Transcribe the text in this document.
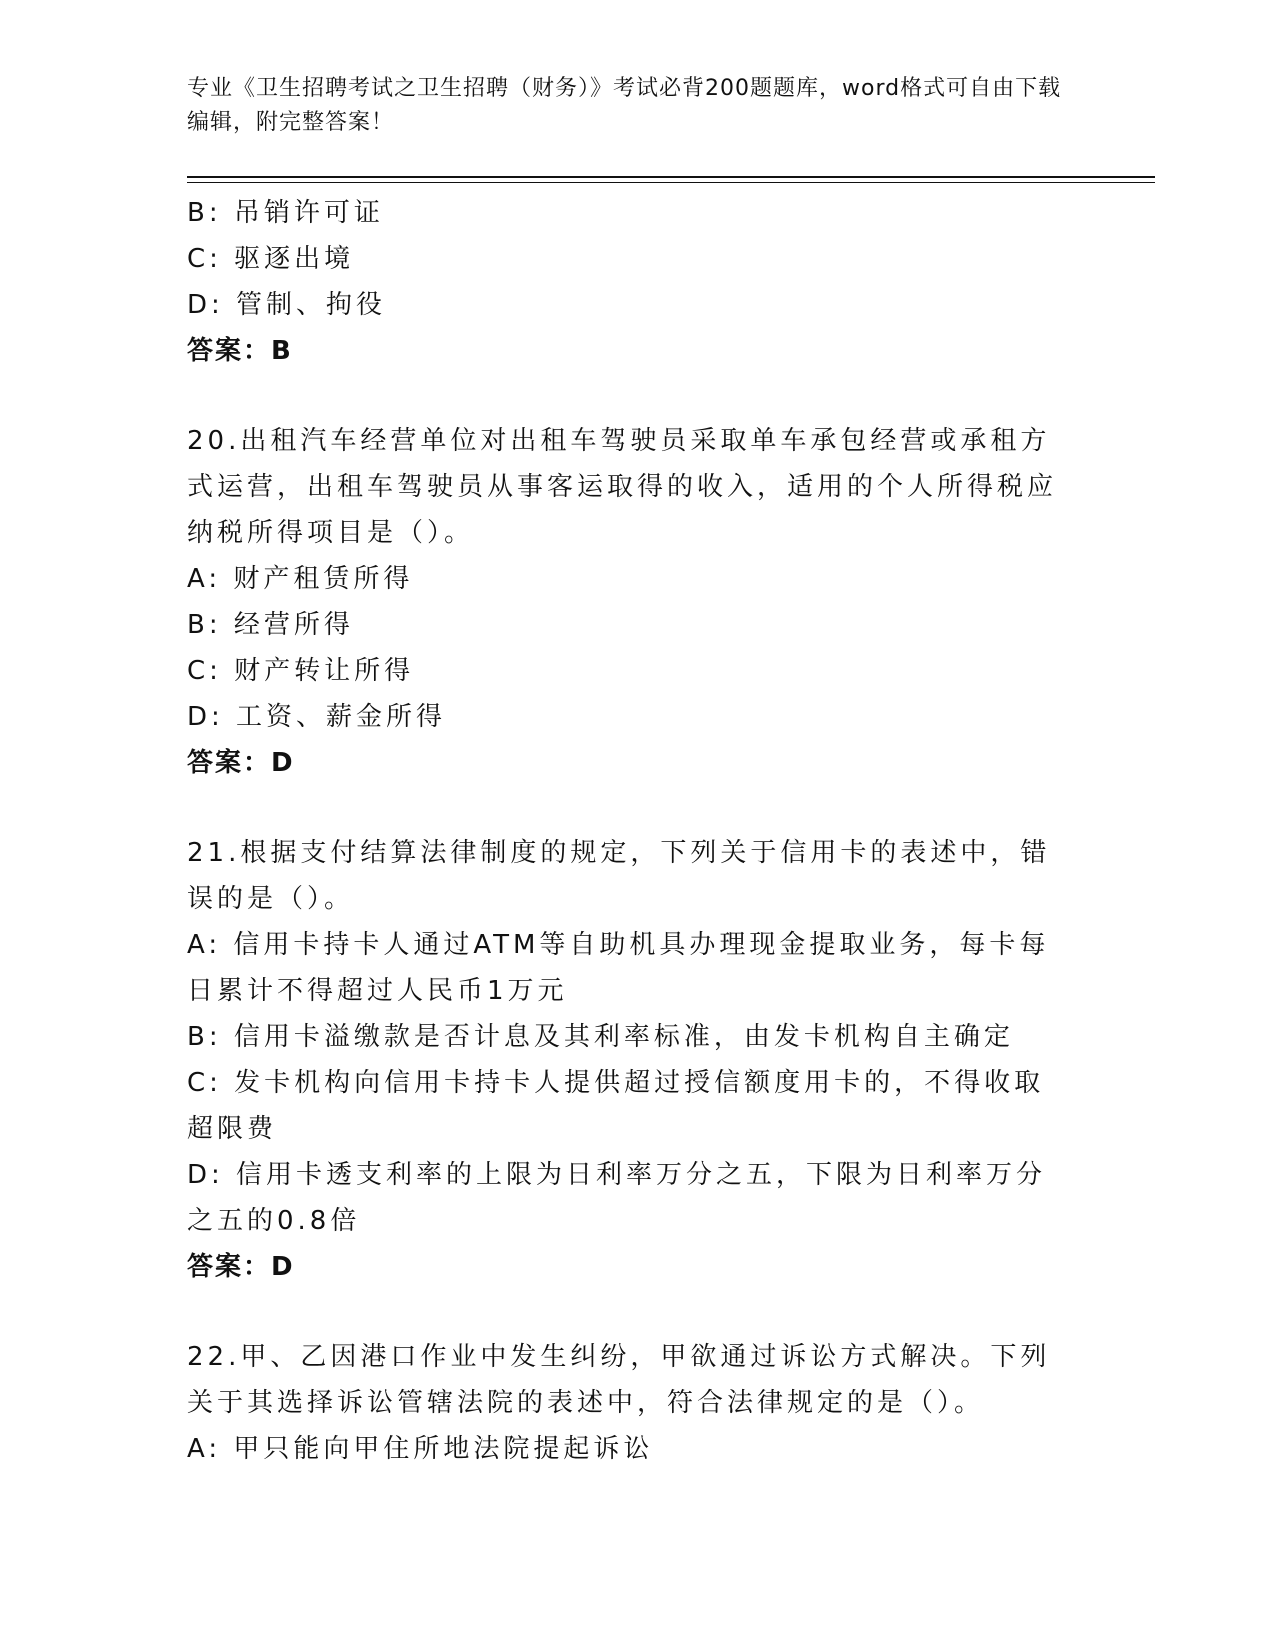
专业《卫生招聘考试之卫生招聘（财务）》考试必背200题题库，word格式可自由下载编辑，附完整答案！

B: 吊销许可证

C: 驱逐出境

D: 管制、拘役

答案：B

20.出租汽车经营单位对出租车驾驶员采取单车承包经营或承租方式运营，出租车驾驶员从事客运取得的收入，适用的个人所得税应纳税所得项目是（）。

A: 财产租赁所得

B: 经营所得

C: 财产转让所得

D: 工资、薪金所得

答案：D

21.根据支付结算法律制度的规定，下列关于信用卡的表述中，错误的是（）。

A: 信用卡持卡人通过ATM等自助机具办理现金提取业务，每卡每日累计不得超过人民币1万元

B: 信用卡溢缴款是否计息及其利率标准，由发卡机构自主确定

C: 发卡机构向信用卡持卡人提供超过授信额度用卡的，不得收取超限费

D: 信用卡透支利率的上限为日利率万分之五，下限为日利率万分之五的0.8倍

答案：D

22.甲、乙因港口作业中发生纠纷，甲欲通过诉讼方式解决。下列关于其选择诉讼管辖法院的表述中，符合法律规定的是（）。

A: 甲只能向甲住所地法院提起诉讼
